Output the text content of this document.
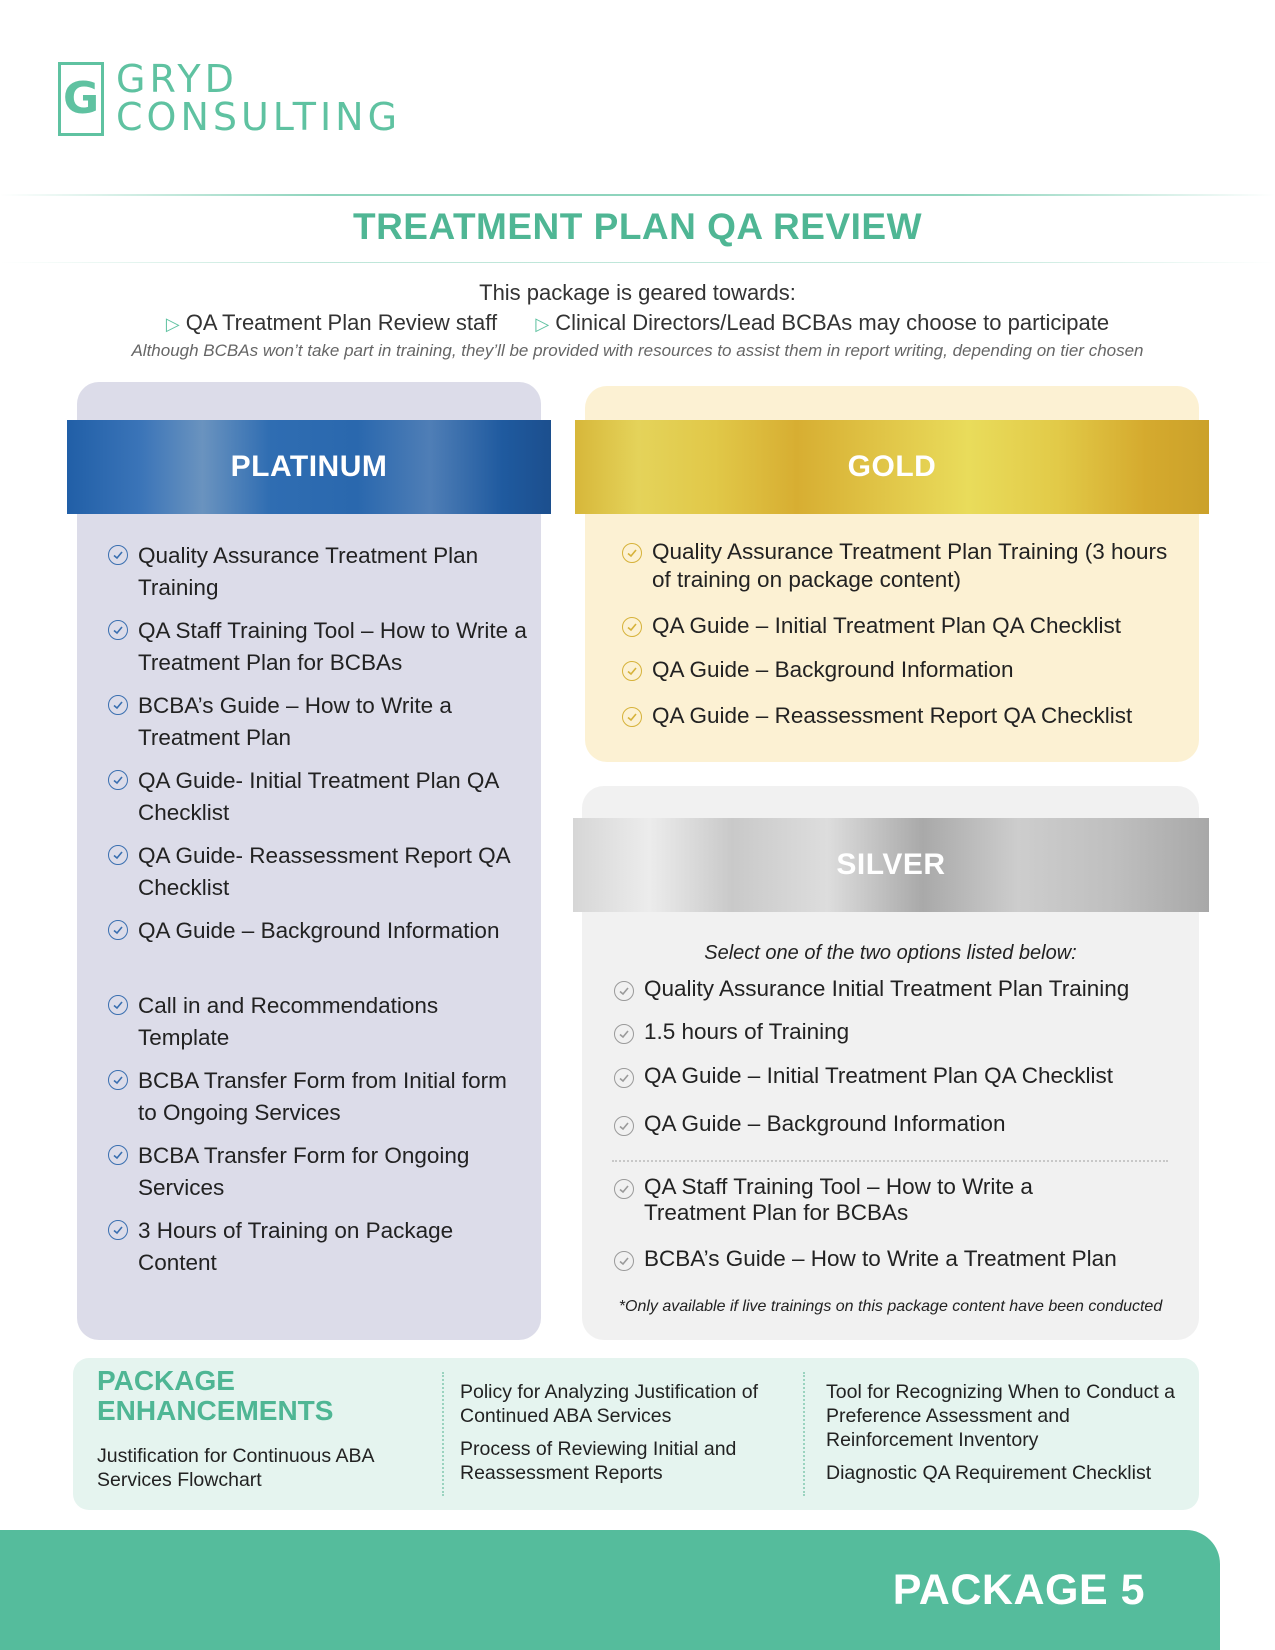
G GRYD
CONSULTING
TREATMENT PLAN QA REVIEW
This package is geared towards:
▷ QA Treatment Plan Review staff ▷ Clinical Directors/Lead BCBAs may choose to participate
Although BCBAs won’t take part in training, they’ll be provided with resources to assist them in report writing, depending on tier chosen
PLATINUM
Quality Assurance Treatment Plan Training
QA Staff Training Tool – How to Write a Treatment Plan for BCBAs
BCBA’s Guide – How to Write a Treatment Plan
QA Guide- Initial Treatment Plan QA Checklist
QA Guide- Reassessment Report QA Checklist
QA Guide – Background Information
Call in and Recommendations Template
BCBA Transfer Form from Initial form to Ongoing Services
BCBA Transfer Form for Ongoing Services
3 Hours of Training on Package Content
GOLD
Quality Assurance Treatment Plan Training (3 hours of training on package content)
QA Guide – Initial Treatment Plan QA Checklist
QA Guide – Background Information
QA Guide – Reassessment Report QA Checklist
SILVER
Select one of the two options listed below:
Quality Assurance Initial Treatment Plan Training
1.5 hours of Training
QA Guide – Initial Treatment Plan QA Checklist
QA Guide – Background Information
QA Staff Training Tool – How to Write a Treatment Plan for BCBAs
BCBA’s Guide – How to Write a Treatment Plan
*Only available if live trainings on this package content have been conducted
PACKAGE ENHANCEMENTS
Justification for Continuous ABA Services Flowchart
Policy for Analyzing Justification of Continued ABA Services
Process of Reviewing Initial and Reassessment Reports
Tool for Recognizing When to Conduct a Preference Assessment and Reinforcement Inventory
Diagnostic QA Requirement Checklist
PACKAGE 5
